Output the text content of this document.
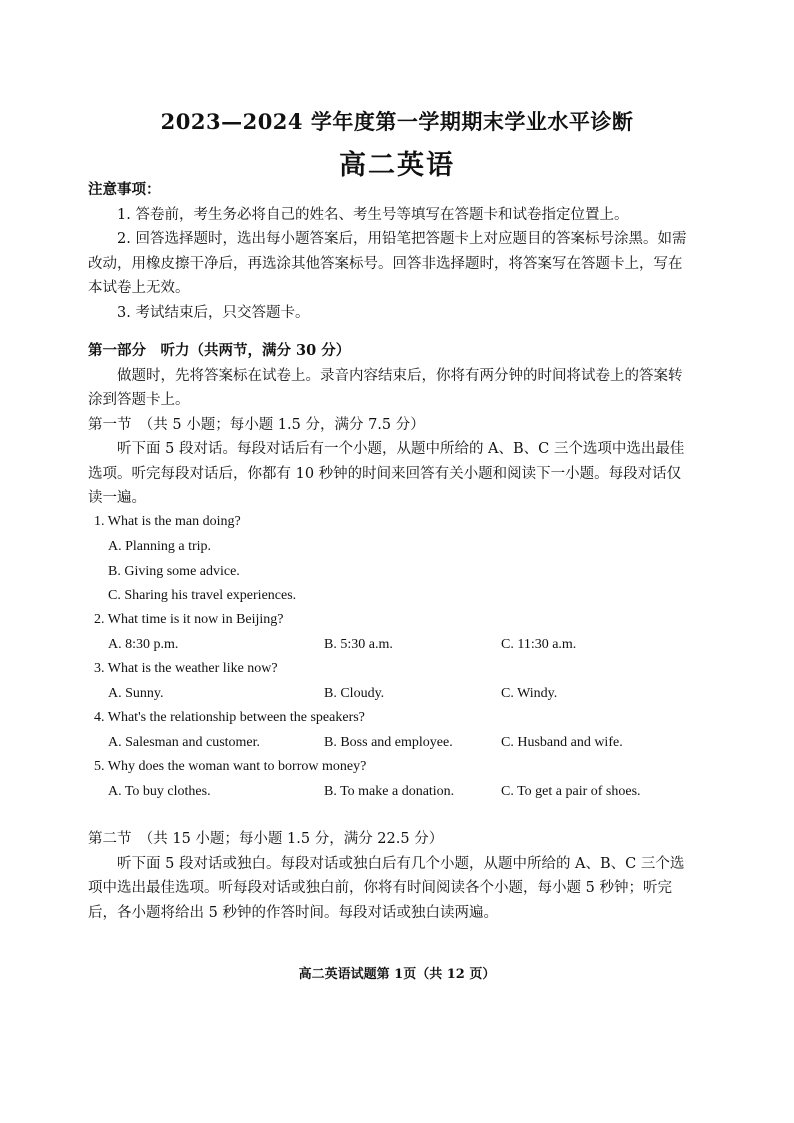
2023—2024 学年度第一学期期末学业水平诊断
高二英语

注意事项：

1. 答卷前，考生务必将自己的姓名、考生号等填写在答题卡和试卷指定位置上。

2. 回答选择题时，选出每小题答案后，用铅笔把答题卡上对应题目的答案标号涂黑。如需改动，用橡皮擦干净后，再选涂其他答案标号。回答非选择题时，将答案写在答题卡上，写在本试卷上无效。

3. 考试结束后，只交答题卡。

第一部分　听力（共两节，满分 30 分）

做题时，先将答案标在试卷上。录音内容结束后，你将有两分钟的时间将试卷上的答案转涂到答题卡上。

第一节　（共 5 小题；每小题 1.5 分，满分 7.5 分）

听下面 5 段对话。每段对话后有一个小题，从题中所给的 A、B、C 三个选项中选出最佳选项。听完每段对话后，你都有 10 秒钟的时间来回答有关小题和阅读下一小题。每段对话仅读一遍。

1. What is the man doing?
A. Planning a trip.
B. Giving some advice.
C. Sharing his travel experiences.
2. What time is it now in Beijing?
A. 8:30 p.m.	B. 5:30 a.m.	C. 11:30 a.m.
3. What is the weather like now?
A. Sunny.	B. Cloudy.	C. Windy.
4. What's the relationship between the speakers?
A. Salesman and customer.	B. Boss and employee.	C. Husband and wife.
5. Why does the woman want to borrow money?
A. To buy clothes.	B. To make a donation.	C. To get a pair of shoes.

第二节　（共 15 小题；每小题 1.5 分，满分 22.5 分）

听下面 5 段对话或独白。每段对话或独白后有几个小题，从题中所给的 A、B、C 三个选项中选出最佳选项。听每段对话或独白前，你将有时间阅读各个小题，每小题 5 秒钟；听完后，各小题将给出 5 秒钟的作答时间。每段对话或独白读两遍。

高二英语试题第 1页（共 12 页）
